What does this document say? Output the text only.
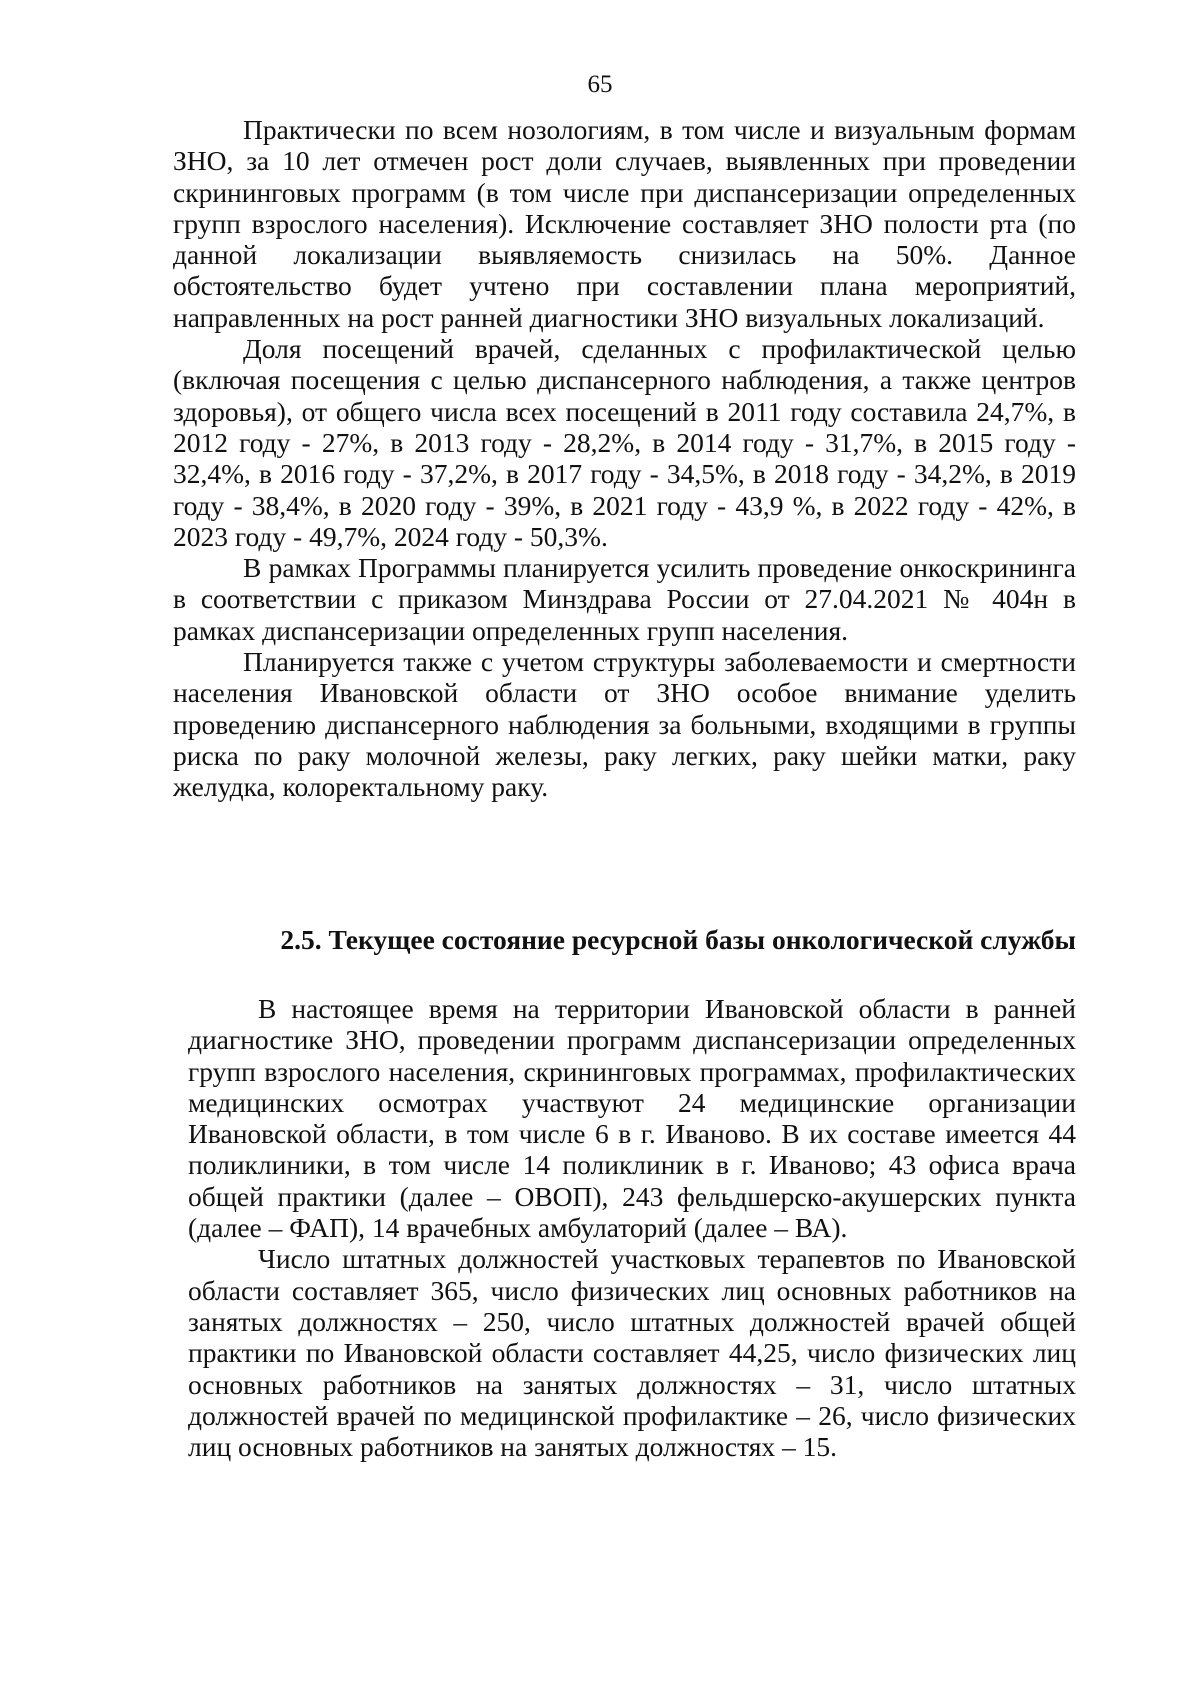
65

Практически по всем нозологиям, в том числе и визуальным формам ЗНО, за 10 лет отмечен рост доли случаев, выявленных при проведении скрининговых программ (в том числе при диспансеризации определенных групп взрослого населения). Исключение составляет ЗНО полости рта (по данной локализации выявляемость снизилась на 50%. Данное обстоятельство будет учтено при составлении плана мероприятий, направленных на рост ранней диагностики ЗНО визуальных локализаций.

Доля посещений врачей, сделанных с профилактической целью (включая посещения с целью диспансерного наблюдения, а также центров здоровья), от общего числа всех посещений в 2011 году составила 24,7%, в 2012 году - 27%, в 2013 году - 28,2%, в 2014 году - 31,7%, в 2015 году - 32,4%, в 2016 году - 37,2%, в 2017 году - 34,5%, в 2018 году - 34,2%, в 2019 году - 38,4%, в 2020 году - 39%, в 2021 году - 43,9 %, в 2022 году - 42%, в 2023 году - 49,7%, 2024 году - 50,3%.

В рамках Программы планируется усилить проведение онкоскрининга в соответствии с приказом Минздрава России от 27.04.2021 № 404н в рамках диспансеризации определенных групп населения.

Планируется также с учетом структуры заболеваемости и смертности населения Ивановской области от ЗНО особое внимание уделить проведению диспансерного наблюдения за больными, входящими в группы риска по раку молочной железы, раку легких, раку шейки матки, раку желудка, колоректальному раку.

2.5. Текущее состояние ресурсной базы онкологической службы

В настоящее время на территории Ивановской области в ранней диагностике ЗНО, проведении программ диспансеризации определенных групп взрослого населения, скрининговых программах, профилактических медицинских осмотрах участвуют 24 медицинские организации Ивановской области, в том числе 6 в г. Иваново. В их составе имеется 44 поликлиники, в том числе 14 поликлиник в г. Иваново; 43 офиса врача общей практики (далее – ОВОП), 243 фельдшерско-акушерских пункта (далее – ФАП), 14 врачебных амбулаторий (далее – ВА).

Число штатных должностей участковых терапевтов по Ивановской области составляет 365, число физических лиц основных работников на занятых должностях – 250, число штатных должностей врачей общей практики по Ивановской области составляет 44,25, число физических лиц основных работников на занятых должностях – 31, число штатных должностей врачей по медицинской профилактике – 26, число физических лиц основных работников на занятых должностях – 15.
